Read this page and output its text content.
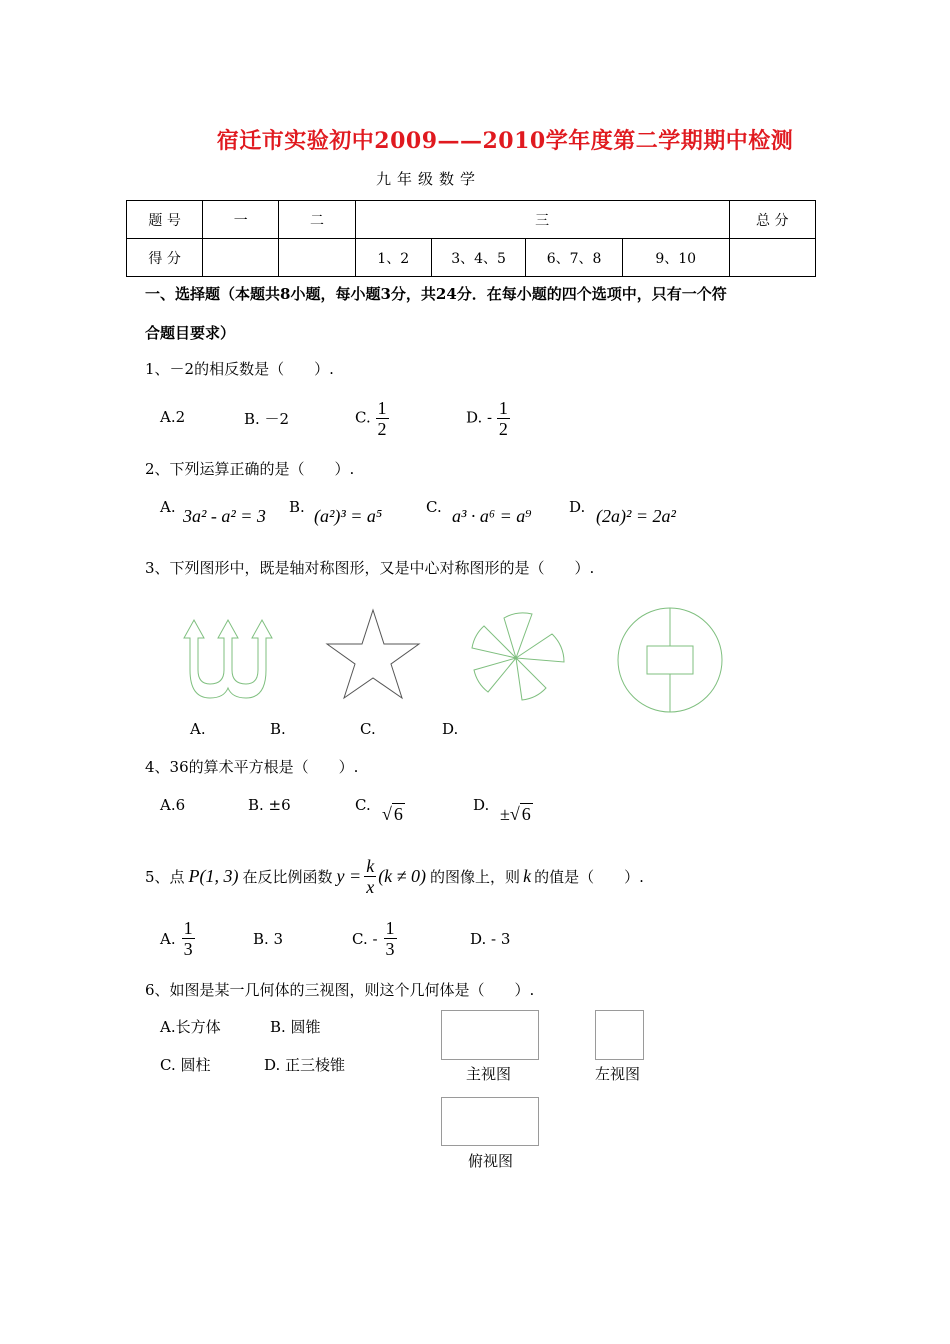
宿迁市实验初中2009——2010学年度第二学期期中检测
九年级数学
题 号	一	二	三				总 分
得 分			1、2	3、4、5	6、7、8	9、10	
一、选择题（本题共8小题，每小题3分，共24分．在每小题的四个选项中，只有一个符
合题目要求）
1、－2的相反数是（　　）.
A.2	B. －2	C. $\frac{1}{2}$	D. - $\frac{1}{2}$
2、下列运算正确的是（　　）.
A. 3a² - a² = 3 B. (a²)³ = a⁵	C. a³ · a⁶ = a⁹ D. (2a)² = 2a²
3、下列图形中，既是轴对称图形，又是中心对称图形的是（　　）.
A.	B.	C.	D.
4、36的算术平方根是（　　）.
A.6	B. ±6	C. √ 6	D. ±√ 6
5、点 P(1, 3) 在反比例函数 $y = \frac{k}{x} (k \ne 0)$ 的图像上，则 k 的值是（　　）.
A. $\frac{1}{3}$	B. 3	C. - $\frac{1}{3}$	D. - 3
6、如图是某一几何体的三视图，则这个几何体是（　　）.
A.长方体	B. 圆锥
C. 圆柱	D. 正三棱锥	主视图	左视图
俯视图
